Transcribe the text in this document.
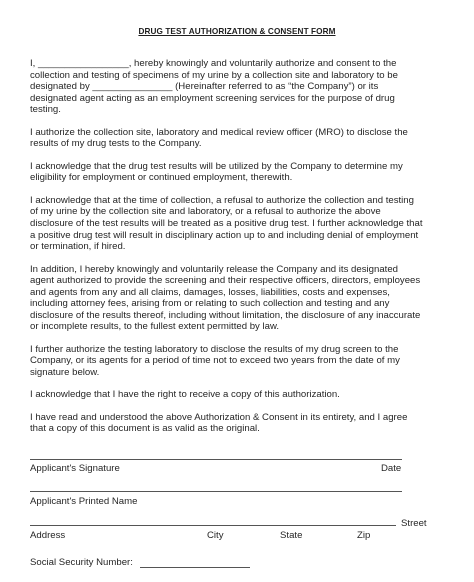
DRUG TEST AUTHORIZATION & CONSENT FORM
I, _________________, hereby knowingly and voluntarily authorize and consent to the
collection and testing of specimens of my urine by a collection site and laboratory to be
designated by _______________ (Hereinafter referred to as “the Company”) or its
designated agent acting as an employment screening services for the purpose of drug
testing.
I authorize the collection site, laboratory and medical review officer (MRO) to disclose the
results of my drug tests to the Company.
I acknowledge that the drug test results will be utilized by the Company to determine my
eligibility for employment or continued employment, therewith.
I acknowledge that at the time of collection, a refusal to authorize the collection and testing
of my urine by the collection site and laboratory, or a refusal to authorize the above
disclosure of the test results will be treated as a positive drug test. I further acknowledge that
a positive drug test will result in disciplinary action up to and including denial of employment
or termination, if hired.
In addition, I hereby knowingly and voluntarily release the Company and its designated
agent authorized to provide the screening and their respective officers, directors, employees
and agents from any and all claims, damages, losses, liabilities, costs and expenses,
including attorney fees, arising from or relating to such collection and testing and any
disclosure of the results thereof, including without limitation, the disclosure of any inaccurate
or incomplete results, to the fullest extent permitted by law.
I further authorize the testing laboratory to disclose the results of my drug screen to the
Company, or its agents for a period of time not to exceed two years from the date of my
signature below.
I acknowledge that I have the right to receive a copy of this authorization.
I have read and understood the above Authorization & Consent in its entirety, and I agree
that a copy of this document is as valid as the original.
Applicant's Signature	Date
Applicant's Printed Name
Street
Address	City	State	Zip
Social Security Number:
